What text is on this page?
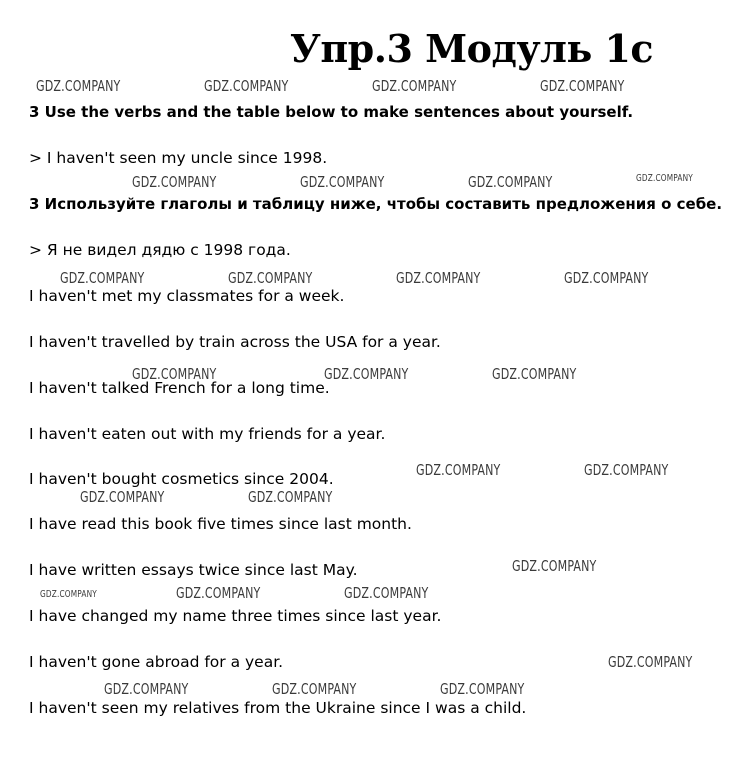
Упр.3 Модуль 1c
3 Use the verbs and the table below to make sentences about yourself.
> I haven't seen my uncle since 1998.
3 Используйте глаголы и таблицу ниже, чтобы составить предложения о себе.
> Я не видел дядю с 1998 года.
I haven't met my classmates for a week.
I haven't travelled by train across the USA for a year.
I haven't talked French for a long time.
I haven't eaten out with my friends for a year.
I haven't bought cosmetics since 2004.
I have read this book five times since last month.
I have written essays twice since last May.
I have changed my name three times since last year.
I haven't gone abroad for a year.
I haven't seen my relatives from the Ukraine since I was a child.
GDZ.COMPANY	GDZ.COMPANY	GDZ.COMPANY	GDZ.COMPANY
GDZ.COMPANY	GDZ.COMPANY	GDZ.COMPANY	GDZ.COMPANY
GDZ.COMPANY	GDZ.COMPANY	GDZ.COMPANY	GDZ.COMPANY
GDZ.COMPANY	GDZ.COMPANY	GDZ.COMPANY
GDZ.COMPANY	GDZ.COMPANY
GDZ.COMPANY	GDZ.COMPANY
GDZ.COMPANY
GDZ.COMPANY	GDZ.COMPANY	GDZ.COMPANY
GDZ.COMPANY
GDZ.COMPANY	GDZ.COMPANY	GDZ.COMPANY
